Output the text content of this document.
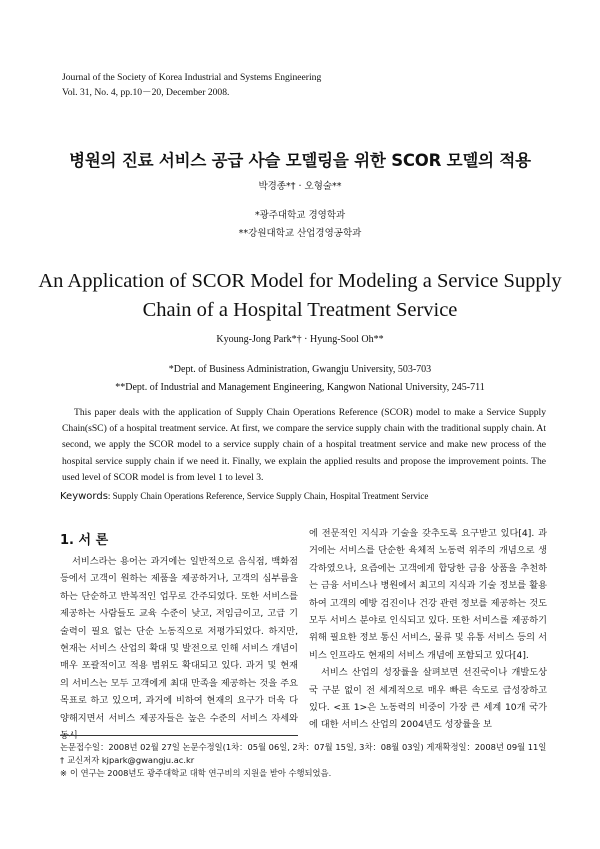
Journal of the Society of Korea Industrial and Systems Engineering
Vol. 31, No. 4, pp.10－20, December 2008.
병원의 진료 서비스 공급 사슬 모델링을 위한 SCOR 모델의 적용
박경종*† · 오형술**
*광주대학교 경영학과
**강원대학교 산업경영공학과
An Application of SCOR Model for Modeling a Service Supply
Chain of a Hospital Treatment Service
Kyoung-Jong Park*† · Hyung-Sool Oh**
*Dept. of Business Administration, Gwangju University, 503-703
**Dept. of Industrial and Management Engineering, Kangwon National University, 245-711

This paper deals with the application of Supply Chain Operations Reference (SCOR) model to make a Service Supply Chain(sSC) of a hospital treatment service. At first, we compare the service supply chain with the traditional supply chain. At second, we apply the SCOR model to a service supply chain of a hospital treatment service and make new process of the hospital service supply chain if we need it. Finally, we explain the applied results and propose the improvement points. The used level of SCOR model is from level 1 to level 3.

Keywords: Supply Chain Operations Reference, Service Supply Chain, Hospital Treatment Service
1. 서 론

서비스라는 용어는 과거에는 일반적으로 음식점, 백화점 등에서 고객이 원하는 제품을 제공하거나, 고객의 심부름을 하는 단순하고 반복적인 업무로 간주되었다. 또한 서비스를 제공하는 사람들도 교육 수준이 낮고, 저임금이고, 고급 기술력이 필요 없는 단순 노동직으로 저평가되었다. 하지만, 현재는 서비스 산업의 확대 및 발전으로 인해 서비스 개념이 매우 포괄적이고 적용 범위도 확대되고 있다. 과거 및 현재의 서비스는 모두 고객에게 최대 만족을 제공하는 것을 주요 목표로 하고 있으며, 과거에 비하여 현재의 요구가 더욱 다양해지면서 서비스 제공자들은 높은 수준의 서비스 자세와 동시

에 전문적인 지식과 기술을 갖추도록 요구받고 있다[4]. 과거에는 서비스를 단순한 육체적 노동력 위주의 개념으로 생각하였으나, 요즘에는 고객에게 합당한 금융 상품을 추천하는 금융 서비스나 병원에서 최고의 지식과 기술 정보를 활용하여 고객의 예방 검진이나 건강 관련 정보를 제공하는 것도 모두 서비스 분야로 인식되고 있다. 또한 서비스를 제공하기 위해 필요한 정보 통신 서비스, 물류 및 유통 서비스 등의 서비스 인프라도 현재의 서비스 개념에 포함되고 있다[4].

서비스 산업의 성장률을 살펴보면 선진국이나 개발도상국 구분 없이 전 세계적으로 매우 빠른 속도로 급성장하고 있다. <표 1>은 노동력의 비중이 가장 큰 세계 10개 국가에 대한 서비스 산업의 2004년도 성장률을 보

논문접수일：2008년 02월 27일 논문수정일(1차：05월 06일, 2차：07월 15일, 3차：08월 03일) 게재확정일：2008년 09월 11일
† 교신저자 kjpark@gwangju.ac.kr
※ 이 연구는 2008년도 광주대학교 대학 연구비의 지원을 받아 수행되었음.
